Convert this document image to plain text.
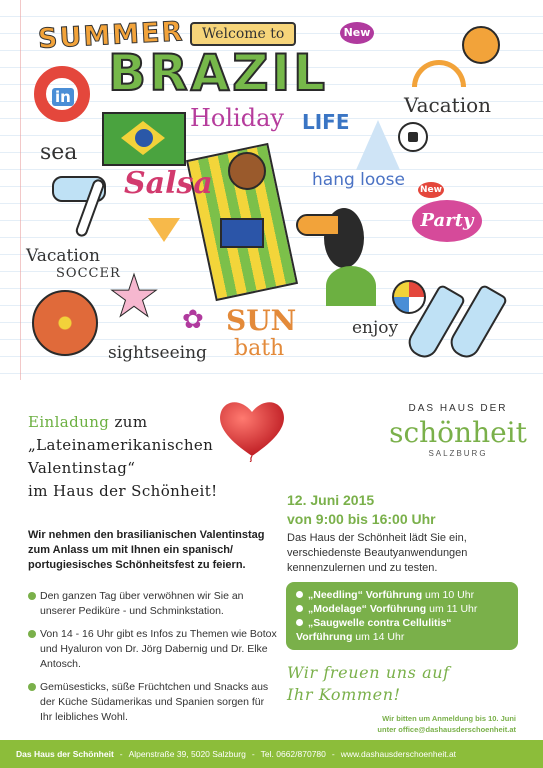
SUMMER	Welcome to	New
in BRAZIL
Holiday LIFE
Vacation
sea
Salsa	hang loose New
Party
Vacation
SOCCER
★ ✿ SUN
bath
sightseeing
enjoy
Einladung zum
„Lateinamerikanischen
Valentinstag“
im Haus der Schönheit!
DAS HAUS DER
schönheit
SALZBURG
12. Juni 2015
von 9:00 bis 16:00 Uhr
Das Haus der Schönheit lädt Sie ein, verschiedenste Beautyanwendungen kennenzulernen und zu testen.
Wir nehmen den brasilianischen Valentinstag zum Anlass um mit Ihnen ein spanisch/ portugiesisches Schönheitsfest zu feiern.
Den ganzen Tag über verwöhnen wir Sie an unserer Pediküre - und Schminkstation.
Von 14 - 16 Uhr gibt es Infos zu Themen wie Botox und Hyaluron von Dr. Jörg Dabernig und Dr. Elke Antosch.
Gemüsesticks, süße Früchtchen und Snacks aus der Küche Südamerikas und Spanien sorgen für Ihr leibliches Wohl.
„Needling“ Vorführung um 10 Uhr
„Modelage“ Vorführung um 11 Uhr
„Saugwelle contra Cellulitis“
Vorführung um 14 Uhr
Wir freuen uns auf
Ihr Kommen!
Wir bitten um Anmeldung bis 10. Juni
unter office@dashausderschoenheit.at
Das Haus der Schönheit - Alpenstraße 39, 5020 Salzburg - Tel. 0662/870780 - www.dashausderschoenheit.at
